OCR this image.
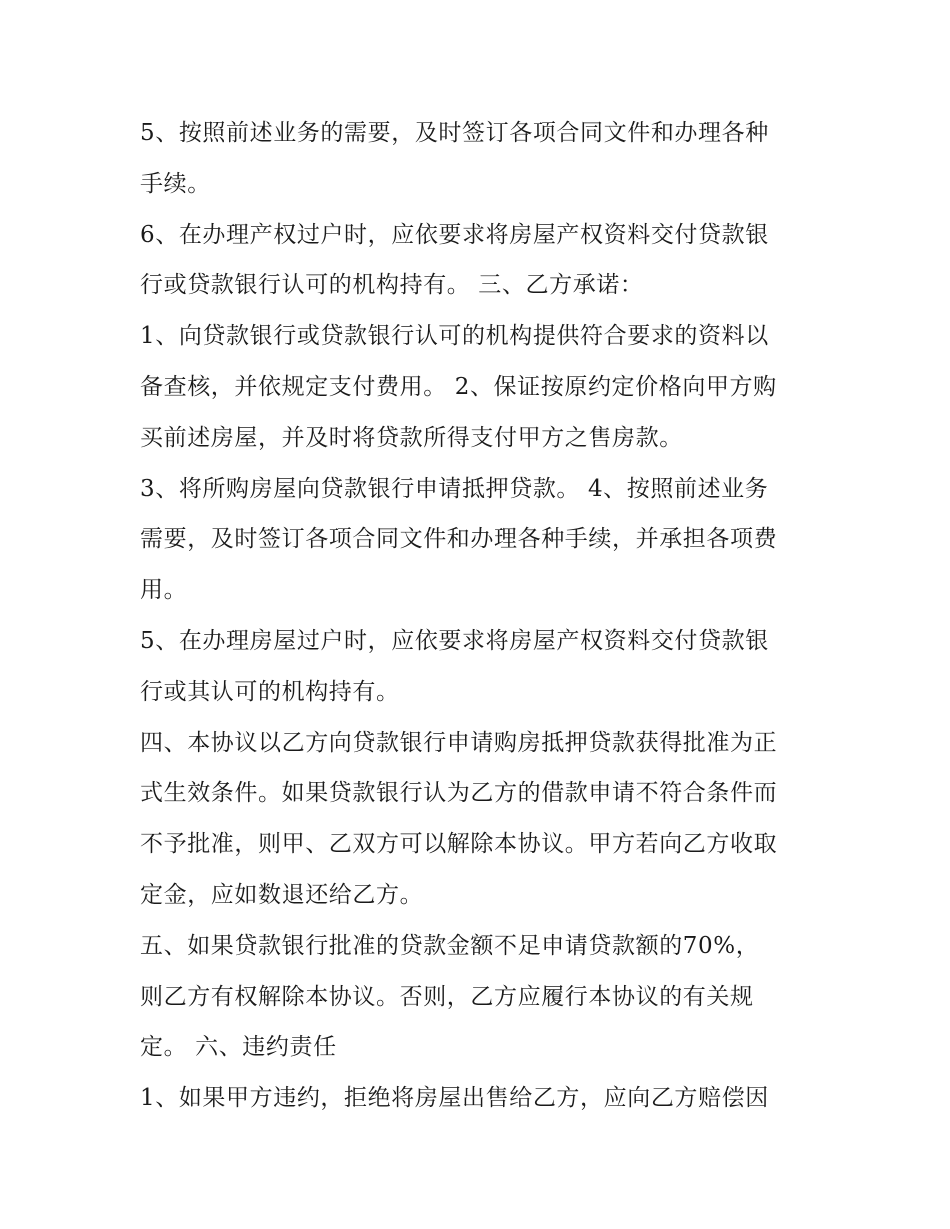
5、按照前述业务的需要，及时签订各项合同文件和办理各种
手续。

6、在办理产权过户时，应依要求将房屋产权资料交付贷款银
行或贷款银行认可的机构持有。 三、乙方承诺：

1、向贷款银行或贷款银行认可的机构提供符合要求的资料以
备查核，并依规定支付费用。 2、保证按原约定价格向甲方购
买前述房屋，并及时将贷款所得支付甲方之售房款。

3、将所购房屋向贷款银行申请抵押贷款。 4、按照前述业务
需要，及时签订各项合同文件和办理各种手续，并承担各项费
用。

5、在办理房屋过户时，应依要求将房屋产权资料交付贷款银
行或其认可的机构持有。

四、本协议以乙方向贷款银行申请购房抵押贷款获得批准为正
式生效条件。如果贷款银行认为乙方的借款申请不符合条件而
不予批准，则甲、乙双方可以解除本协议。甲方若向乙方收取
定金，应如数退还给乙方。

五、如果贷款银行批准的贷款金额不足申请贷款额的70%，
则乙方有权解除本协议。否则，乙方应履行本协议的有关规
定。 六、违约责任

1、如果甲方违约，拒绝将房屋出售给乙方，应向乙方赔偿因
